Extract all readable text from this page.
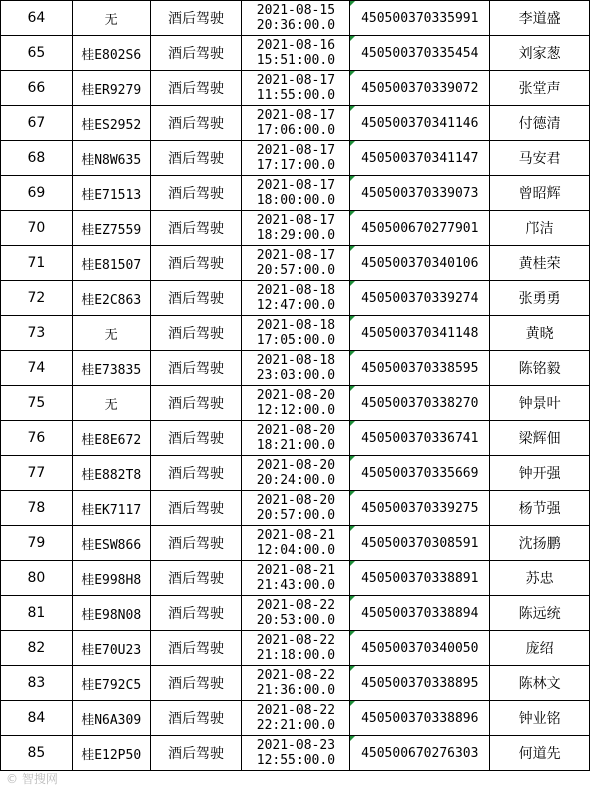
64	无	酒后驾驶	2021-08-15
20:36:00.0	450500370335991	李道盛
65	桂E802S6	酒后驾驶	2021-08-16
15:51:00.0	450500370335454	刘家葱
66	桂ER9279	酒后驾驶	2021-08-17
11:55:00.0	450500370339072	张堂声
67	桂ES2952	酒后驾驶	2021-08-17
17:06:00.0	450500370341146	付德清
68	桂N8W635	酒后驾驶	2021-08-17
17:17:00.0	450500370341147	马安君
69	桂E71513	酒后驾驶	2021-08-17
18:00:00.0	450500370339073	曾昭辉
70	桂EZ7559	酒后驾驶	2021-08-17
18:29:00.0	450500670277901	邝洁
71	桂E81507	酒后驾驶	2021-08-17
20:57:00.0	450500370340106	黄桂荣
72	桂E2C863	酒后驾驶	2021-08-18
12:47:00.0	450500370339274	张勇勇
73	无	酒后驾驶	2021-08-18
17:05:00.0	450500370341148	黄晓
74	桂E73835	酒后驾驶	2021-08-18
23:03:00.0	450500370338595	陈铭毅
75	无	酒后驾驶	2021-08-20
12:12:00.0	450500370338270	钟景叶
76	桂E8E672	酒后驾驶	2021-08-20
18:21:00.0	450500370336741	梁辉佃
77	桂E882T8	酒后驾驶	2021-08-20
20:24:00.0	450500370335669	钟开强
78	桂EK7117	酒后驾驶	2021-08-20
20:57:00.0	450500370339275	杨节强
79	桂ESW866	酒后驾驶	2021-08-21
12:04:00.0	450500370308591	沈扬鹏
80	桂E998H8	酒后驾驶	2021-08-21
21:43:00.0	450500370338891	苏忠
81	桂E98N08	酒后驾驶	2021-08-22
20:53:00.0	450500370338894	陈远统
82	桂E70U23	酒后驾驶	2021-08-22
21:18:00.0	450500370340050	庞绍
83	桂E792C5	酒后驾驶	2021-08-22
21:36:00.0	450500370338895	陈林文
84	桂N6A309	酒后驾驶	2021-08-22
22:21:00.0	450500370338896	钟业铭
85	桂E12P50	酒后驾驶	2021-08-23
12:55:00.0	450500670276303	何道先
© 智搜网
